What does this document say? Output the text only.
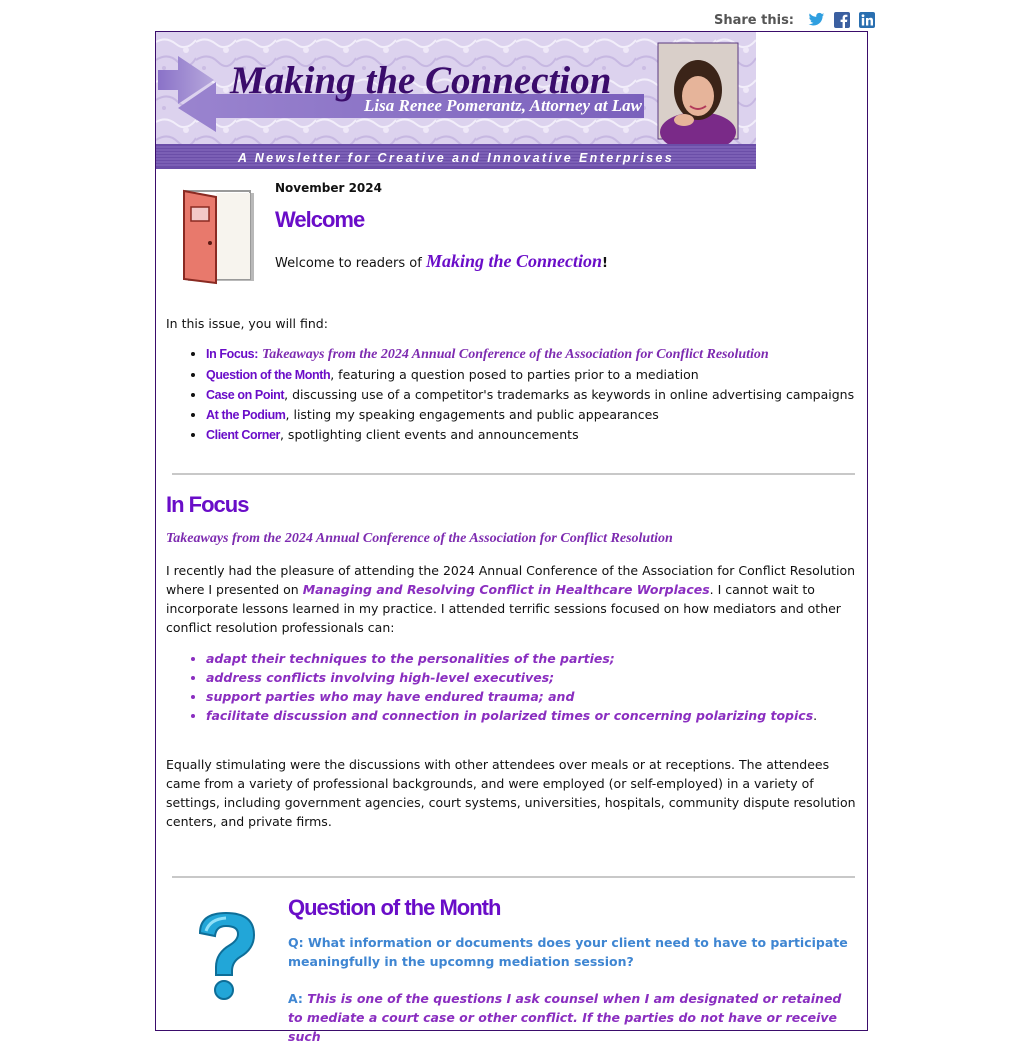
Share this:
Making the Connection
Lisa Renee Pomerantz, Attorney at Law
A Newsletter for Creative and Innovative Enterprises
November 2024
Welcome
Welcome to readers of Making the Connection!
In this issue, you will find:
• In Focus: Takeaways from the 2024 Annual Conference of the Association for Conflict Resolution
• Question of the Month, featuring a question posed to parties prior to a mediation
• Case on Point, discussing use of a competitor's trademarks as keywords in online advertising campaigns
• At the Podium, listing my speaking engagements and public appearances
• Client Corner, spotlighting client events and announcements
In Focus
Takeaways from the 2024 Annual Conference of the Association for Conflict Resolution
I recently had the pleasure of attending the 2024 Annual Conference of the Association for Conflict Resolution where I presented on Managing and Resolving Conflict in Healthcare Worplaces. I cannot wait to incorporate lessons learned in my practice. I attended terrific sessions focused on how mediators and other conflict resolution professionals can:
• adapt their techniques to the personalities of the parties;
• address conflicts involving high-level executives;
• support parties who may have endured trauma; and
• facilitate discussion and connection in polarized times or concerning polarizing topics.
Equally stimulating were the discussions with other attendees over meals or at receptions. The attendees came from a variety of professional backgrounds, and were employed (or self-employed) in a variety of settings, including government agencies, court systems, universities, hospitals, community dispute resolution centers, and private firms.
Question of the Month
Q: What information or documents does your client need to have to participate meaningfully in the upcomng mediation session?
A: This is one of the questions I ask counsel when I am designated or retained to mediate a court case or other conflict. If the parties do not have or receive such
